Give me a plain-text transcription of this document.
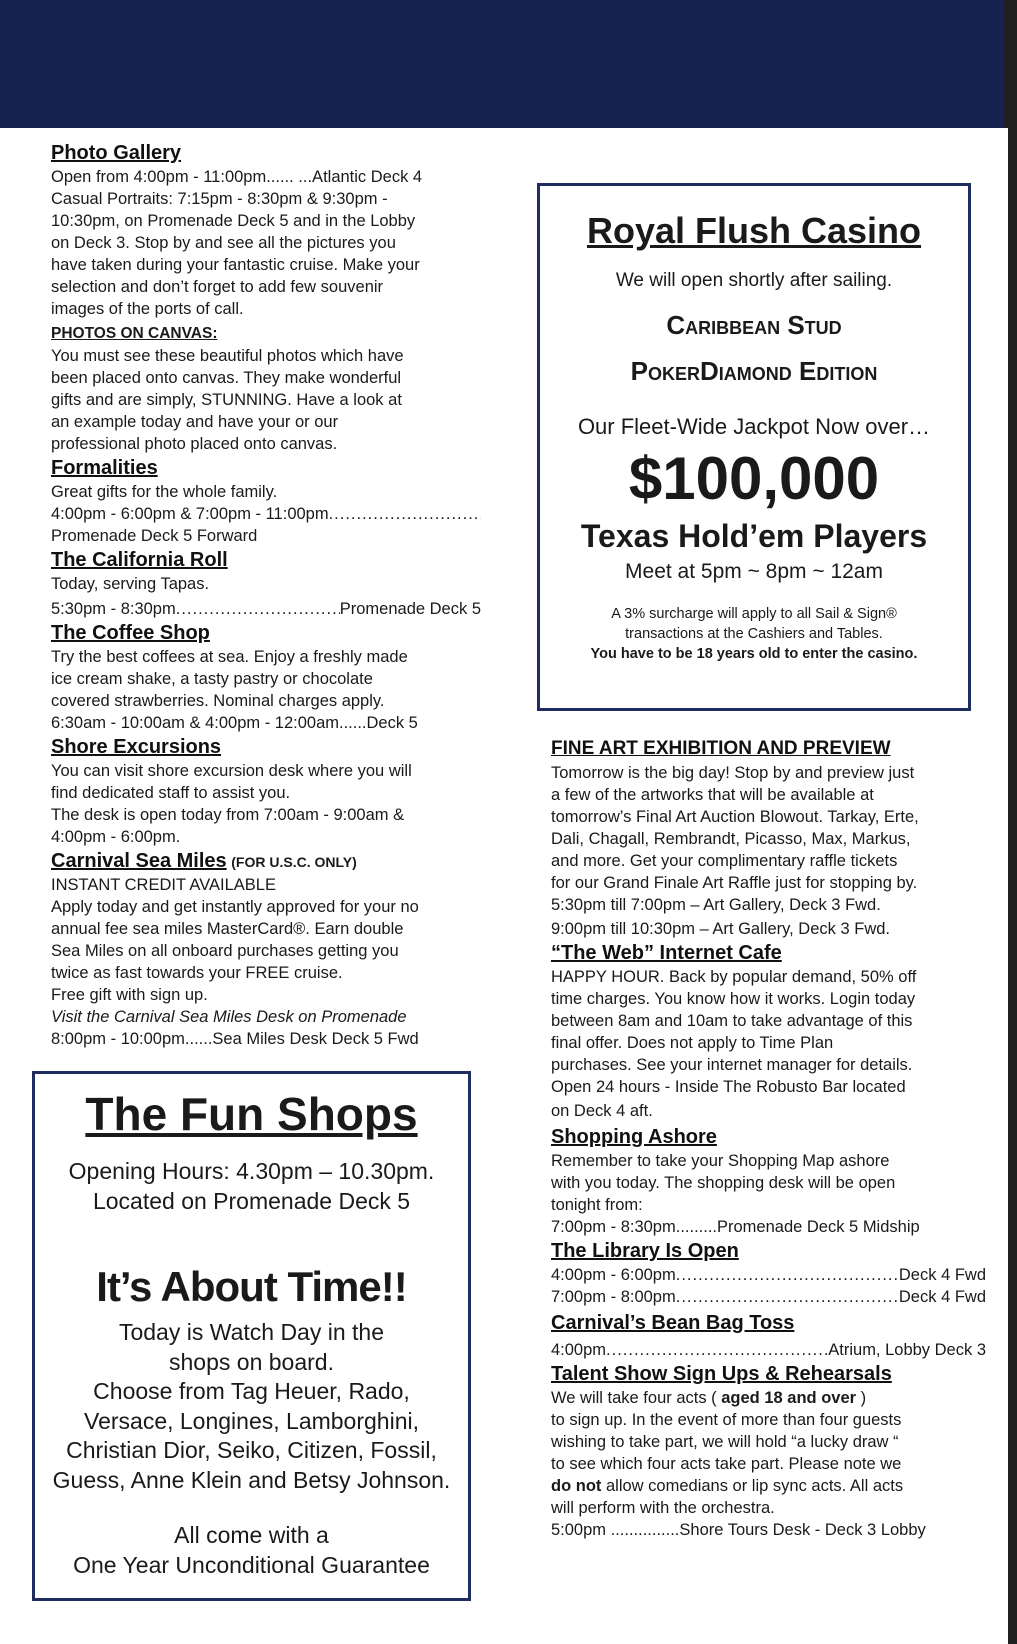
Photo Gallery

Open from 4:00pm - 11:00pm...... ...Atlantic Deck 4

Casual Portraits: 7:15pm - 8:30pm & 9:30pm -

10:30pm, on Promenade Deck 5 and in the Lobby

on Deck 3. Stop by and see all the pictures you

have taken during your fantastic cruise. Make your

selection and don’t forget to add few souvenir

images of the ports of call.

PHOTOS ON CANVAS:

You must see these beautiful photos which have

been placed onto canvas. They make wonderful

gifts and are simply, STUNNING. Have a look at

an example today and have your or our

professional photo placed onto canvas.

Formalities

Great gifts for the whole family.

4:00pm - 6:00pm & 7:00pm - 11:00pm
.....

Promenade Deck 5 Forward

The California Roll

Today, serving Tapas.

5:30pm - 8:30pm .....	Promenade Deck 5
The Coffee Shop

Try the best coffees at sea. Enjoy a freshly made

ice cream shake, a tasty pastry or chocolate

covered strawberries. Nominal charges apply.

6:30am - 10:00am & 4:00pm - 12:00am......Deck 5

Shore Excursions

You can visit shore excursion desk where you will

find dedicated staff to assist you.

The desk is open today from 7:00am - 9:00am &

4:00pm - 6:00pm.

Carnival Sea Miles (FOR U.S.C. ONLY)

INSTANT CREDIT AVAILABLE

Apply today and get instantly approved for your no

annual fee sea miles MasterCard®. Earn double

Sea Miles on all onboard purchases getting you

twice as fast towards your FREE cruise.

Free gift with sign up.

Visit the Carnival Sea Miles Desk on Promenade

8:00pm - 10:00pm......Sea Miles Desk Deck 5 Fwd

Royal Flush Casino
We will open shortly after sailing.
Caribbean Stud
PokerDiamond Edition
Our Fleet-Wide Jackpot Now over…
$100,000
Texas Hold’em Players
Meet at 5pm ~ 8pm ~ 12am
A 3% surcharge will apply to all Sail & Sign®
transactions at the Cashiers and Tables.
You have to be 18 years old to enter the casino.
The Fun Shops
Opening Hours: 4.30pm – 10.30pm.
Located on Promenade Deck 5
It’s About Time!!
Today is Watch Day in the
shops on board.
Choose from Tag Heuer, Rado,
Versace, Longines, Lamborghini,
Christian Dior, Seiko, Citizen, Fossil,
Guess, Anne Klein and Betsy Johnson.
All come with a
One Year Unconditional Guarantee
FINE ART EXHIBITION AND PREVIEW

Tomorrow is the big day! Stop by and preview just

a few of the artworks that will be available at

tomorrow’s Final Art Auction Blowout. Tarkay, Erte,

Dali, Chagall, Rembrandt, Picasso, Max, Markus,

and more. Get your complimentary raffle tickets

for our Grand Finale Art Raffle just for stopping by.

5:30pm till 7:00pm – Art Gallery, Deck 3 Fwd.

9:00pm till 10:30pm – Art Gallery, Deck 3 Fwd.

“The Web” Internet Cafe

HAPPY HOUR. Back by popular demand, 50% off

time charges. You know how it works. Login today

between 8am and 10am to take advantage of this

final offer. Does not apply to Time Plan

purchases. See your internet manager for details.

Open 24 hours - Inside The Robusto Bar located

on Deck 4 aft.

Shopping Ashore

Remember to take your Shopping Map ashore

with you today. The shopping desk will be open

tonight from:

7:00pm - 8:30pm.........Promenade Deck 5 Midship

The Library Is Open
4:00pm - 6:00pm .....	Deck 4 Fwd
7:00pm - 8:00pm .....	Deck 4 Fwd
Carnival’s Bean Bag Toss
4:00pm .....	Atrium, Lobby Deck 3
Talent Show Sign Ups & Rehearsals

We will take four acts ( aged 18 and over )

to sign up. In the event of more than four guests

wishing to take part, we will hold “a lucky draw “

to see which four acts take part. Please note we

do not allow comedians or lip sync acts. All acts

will perform with the orchestra.

5:00pm ...............Shore Tours Desk - Deck 3 Lobby
